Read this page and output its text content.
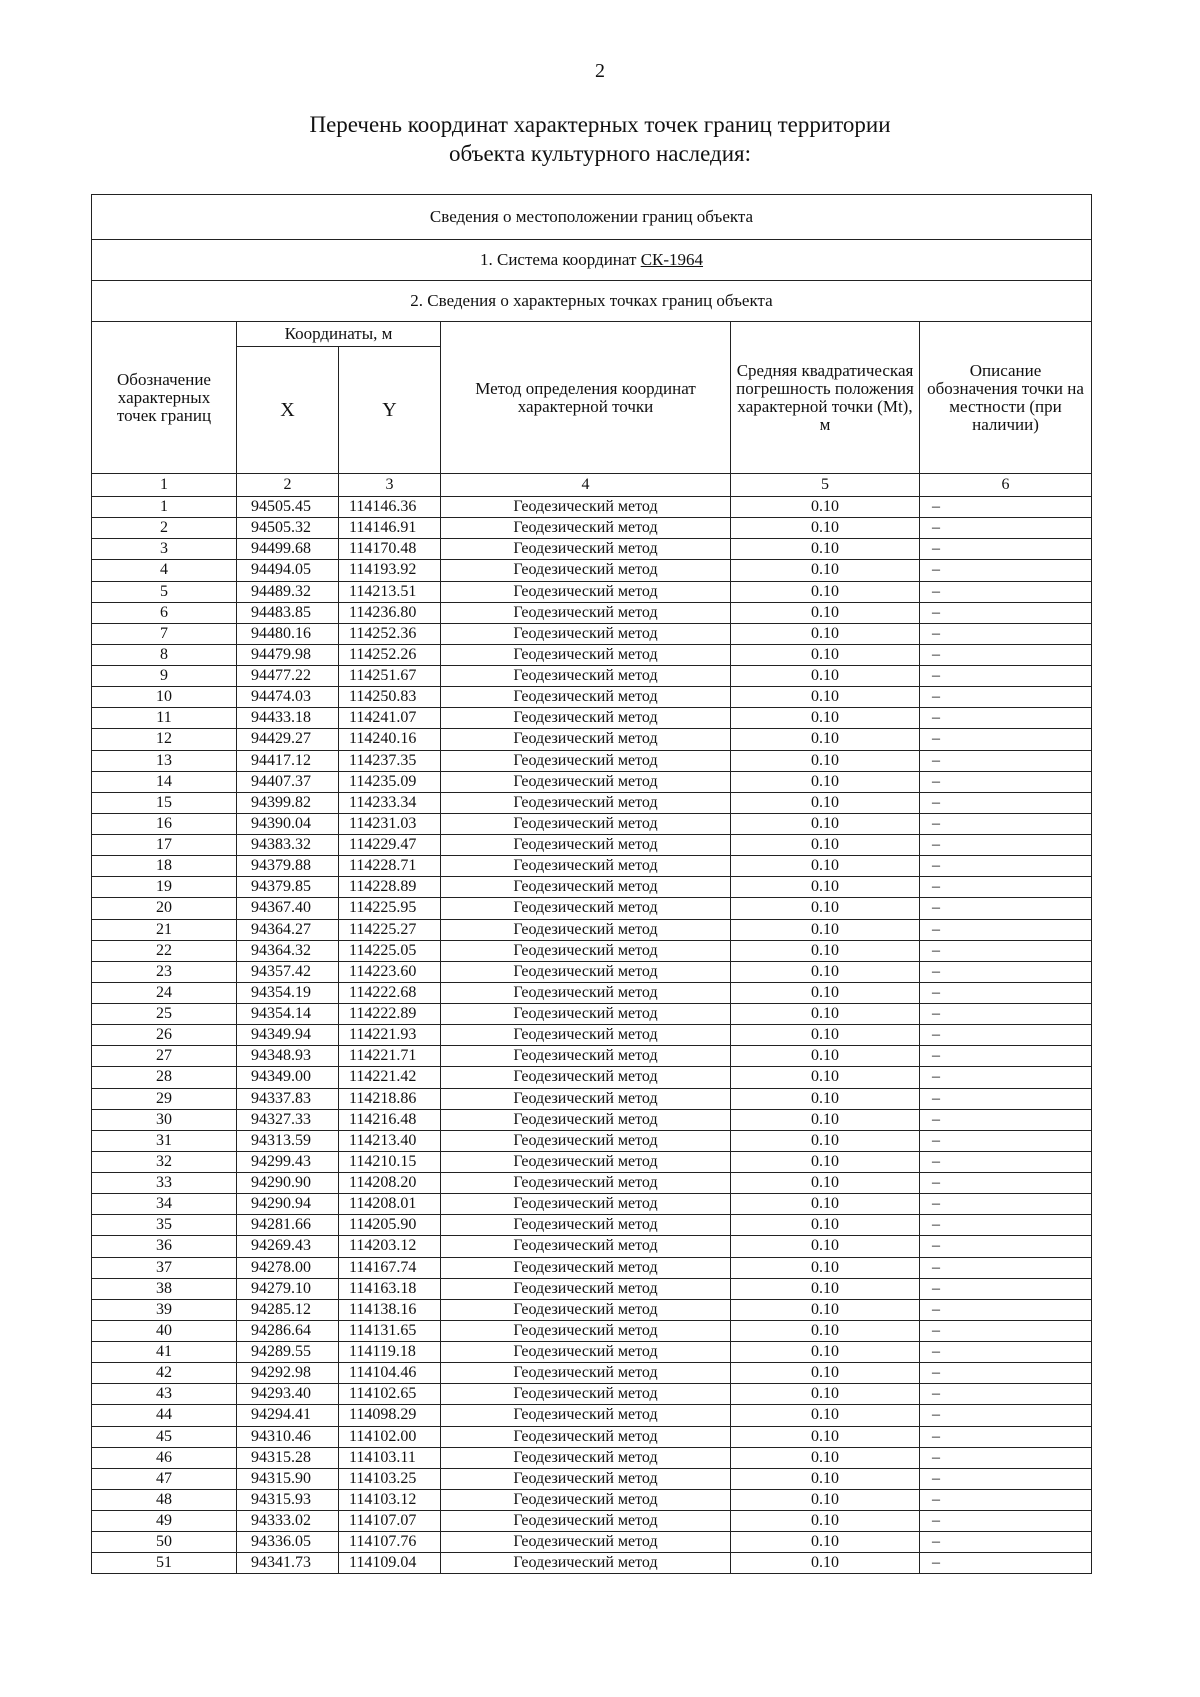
2
Перечень координат характерных точек границ территории
объекта культурного наследия:
Сведения о местоположении границ объекта					
1. Система координат СК-1964					
2. Сведения о характерных точках границ объекта					
Обозначение характерных точек границ	Координаты, м		Метод определения координат характерной точки	Средняя квадратическая погрешность положения характерной точки (Mt), м	Описание обозначения точки на местности (при наличии)
	X	Y			
1	2	3	4	5	6
1	94505.45	114146.36	Геодезический метод	0.10	–
2	94505.32	114146.91	Геодезический метод	0.10	–
3	94499.68	114170.48	Геодезический метод	0.10	–
4	94494.05	114193.92	Геодезический метод	0.10	–
5	94489.32	114213.51	Геодезический метод	0.10	–
6	94483.85	114236.80	Геодезический метод	0.10	–
7	94480.16	114252.36	Геодезический метод	0.10	–
8	94479.98	114252.26	Геодезический метод	0.10	–
9	94477.22	114251.67	Геодезический метод	0.10	–
10	94474.03	114250.83	Геодезический метод	0.10	–
11	94433.18	114241.07	Геодезический метод	0.10	–
12	94429.27	114240.16	Геодезический метод	0.10	–
13	94417.12	114237.35	Геодезический метод	0.10	–
14	94407.37	114235.09	Геодезический метод	0.10	–
15	94399.82	114233.34	Геодезический метод	0.10	–
16	94390.04	114231.03	Геодезический метод	0.10	–
17	94383.32	114229.47	Геодезический метод	0.10	–
18	94379.88	114228.71	Геодезический метод	0.10	–
19	94379.85	114228.89	Геодезический метод	0.10	–
20	94367.40	114225.95	Геодезический метод	0.10	–
21	94364.27	114225.27	Геодезический метод	0.10	–
22	94364.32	114225.05	Геодезический метод	0.10	–
23	94357.42	114223.60	Геодезический метод	0.10	–
24	94354.19	114222.68	Геодезический метод	0.10	–
25	94354.14	114222.89	Геодезический метод	0.10	–
26	94349.94	114221.93	Геодезический метод	0.10	–
27	94348.93	114221.71	Геодезический метод	0.10	–
28	94349.00	114221.42	Геодезический метод	0.10	–
29	94337.83	114218.86	Геодезический метод	0.10	–
30	94327.33	114216.48	Геодезический метод	0.10	–
31	94313.59	114213.40	Геодезический метод	0.10	–
32	94299.43	114210.15	Геодезический метод	0.10	–
33	94290.90	114208.20	Геодезический метод	0.10	–
34	94290.94	114208.01	Геодезический метод	0.10	–
35	94281.66	114205.90	Геодезический метод	0.10	–
36	94269.43	114203.12	Геодезический метод	0.10	–
37	94278.00	114167.74	Геодезический метод	0.10	–
38	94279.10	114163.18	Геодезический метод	0.10	–
39	94285.12	114138.16	Геодезический метод	0.10	–
40	94286.64	114131.65	Геодезический метод	0.10	–
41	94289.55	114119.18	Геодезический метод	0.10	–
42	94292.98	114104.46	Геодезический метод	0.10	–
43	94293.40	114102.65	Геодезический метод	0.10	–
44	94294.41	114098.29	Геодезический метод	0.10	–
45	94310.46	114102.00	Геодезический метод	0.10	–
46	94315.28	114103.11	Геодезический метод	0.10	–
47	94315.90	114103.25	Геодезический метод	0.10	–
48	94315.93	114103.12	Геодезический метод	0.10	–
49	94333.02	114107.07	Геодезический метод	0.10	–
50	94336.05	114107.76	Геодезический метод	0.10	–
51	94341.73	114109.04	Геодезический метод	0.10	–
